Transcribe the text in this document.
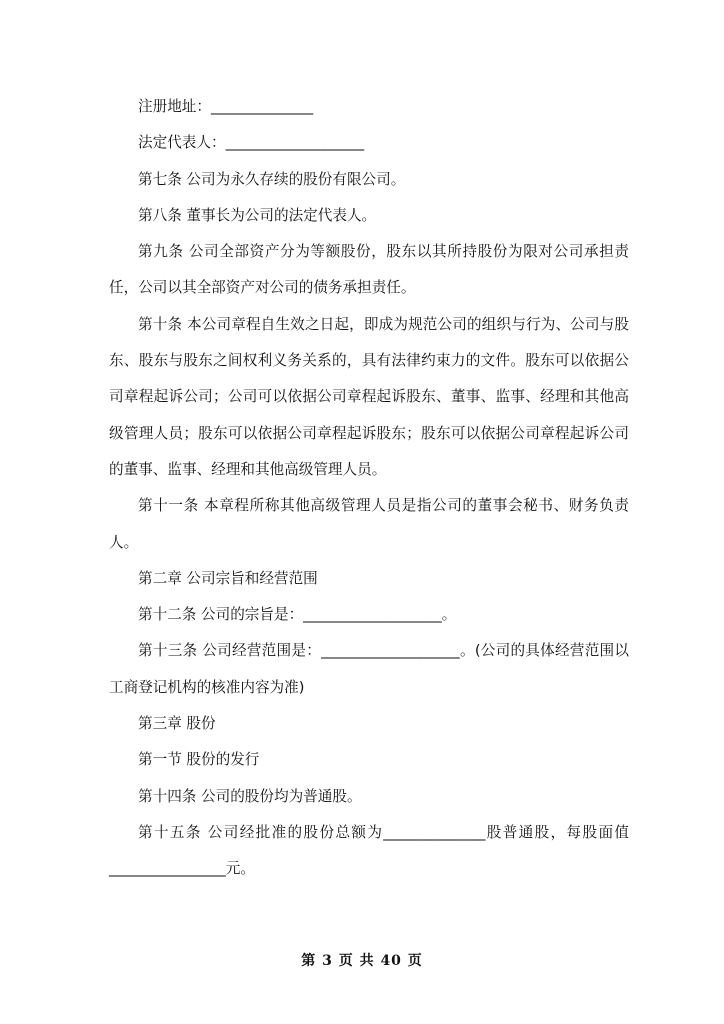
注册地址：______________

法定代表人：___________________

第七条 公司为永久存续的股份有限公司。

第八条 董事长为公司的法定代表人。

第九条 公司全部资产分为等额股份，股东以其所持股份为限对公司承担责任，公司以其全部资产对公司的债务承担责任。

第十条 本公司章程自生效之日起，即成为规范公司的组织与行为、公司与股东、股东与股东之间权利义务关系的，具有法律约束力的文件。股东可以依据公司章程起诉公司；公司可以依据公司章程起诉股东、董事、监事、经理和其他高级管理人员；股东可以依据公司章程起诉股东；股东可以依据公司章程起诉公司的董事、监事、经理和其他高级管理人员。

第十一条 本章程所称其他高级管理人员是指公司的董事会秘书、财务负责人。

第二章 公司宗旨和经营范围

第十二条 公司的宗旨是：___________________。

第十三条 公司经营范围是：___________________。(公司的具体经营范围以工商登记机构的核准内容为准)

第三章 股份

第一节 股份的发行

第十四条 公司的股份均为普通股。

第十五条 公司经批准的股份总额为______________股普通股，每股面值________________元。

第 3 页 共 40 页
